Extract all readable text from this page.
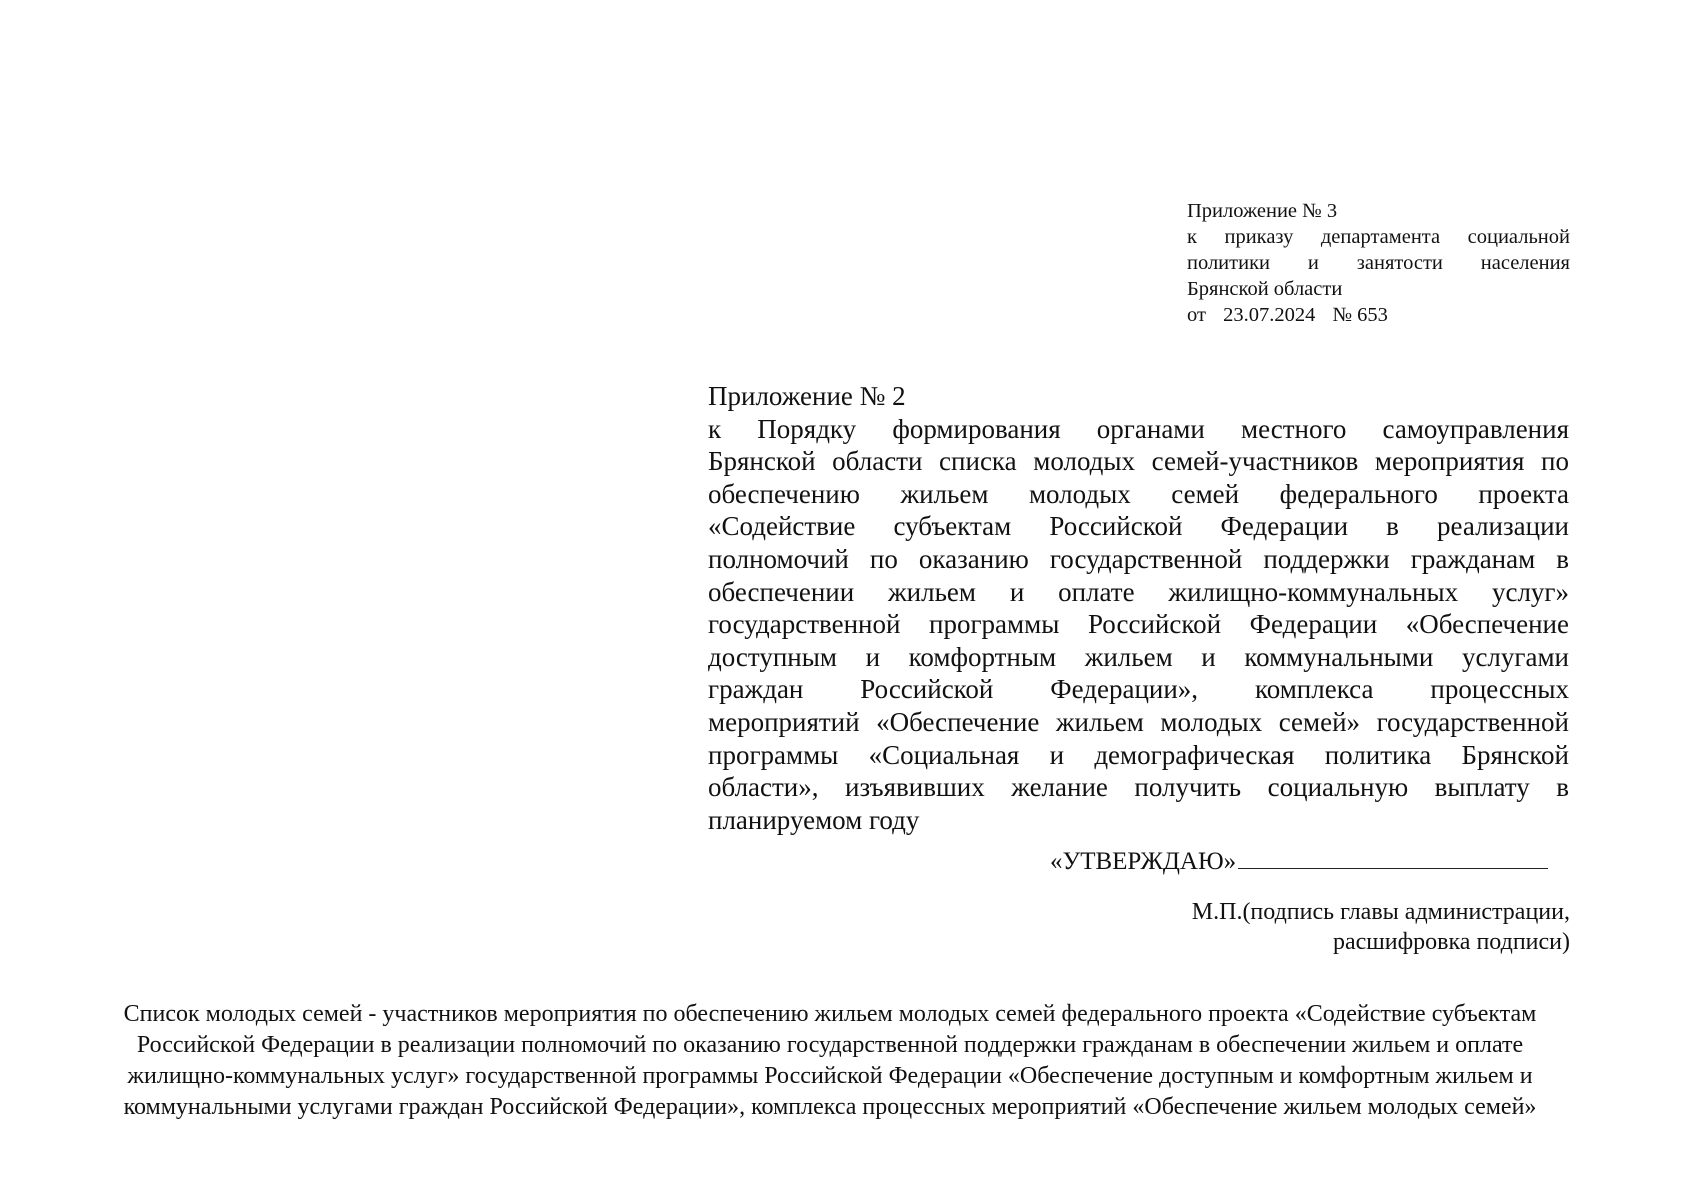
Приложение № 3
к приказу департамента социальной
политики и занятости населения
Брянской области
от 23.07.2024 № 653
Приложение № 2
к Порядку формирования органами местного самоуправления
Брянской области списка молодых семей-участников мероприятия по
обеспечению жильем молодых семей федерального проекта
«Содействие субъектам Российской Федерации в реализации
полномочий по оказанию государственной поддержки гражданам в
обеспечении жильем и оплате жилищно-коммунальных услуг»
государственной программы Российской Федерации «Обеспечение
доступным и комфортным жильем и коммунальными услугами
граждан Российской Федерации», комплекса процессных
мероприятий «Обеспечение жильем молодых семей» государственной
программы «Социальная и демографическая политика Брянской
области», изъявивших желание получить социальную выплату в
планируемом году
«УТВЕРЖДАЮ»
М.П.(подпись главы администрации,
расшифровка подписи)
Список молодых семей - участников мероприятия по обеспечению жильем молодых семей федерального проекта «Содействие субъектам
Российской Федерации в реализации полномочий по оказанию государственной поддержки гражданам в обеспечении жильем и оплате
жилищно-коммунальных услуг» государственной программы Российской Федерации «Обеспечение доступным и комфортным жильем и
коммунальными услугами граждан Российской Федерации», комплекса процессных мероприятий «Обеспечение жильем молодых семей»
